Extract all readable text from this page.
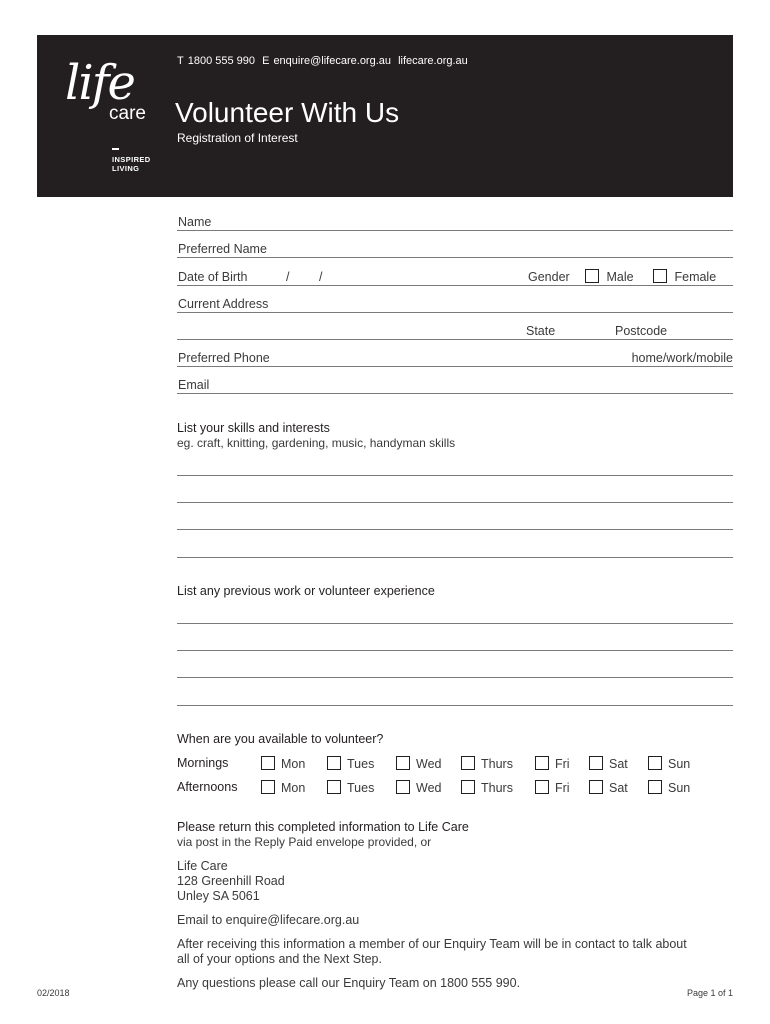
life
care
INSPIRED
LIVING
T 1800 555 990 E enquire@lifecare.org.au lifecare.org.au
Volunteer With Us
Registration of Interest
Name
Preferred Name
Date of Birth	/ /	Gender	Male	Female
Current Address
State	Postcode
Preferred Phone	home/work/mobile
Email
List your skills and interests
eg. craft, knitting, gardening, music, handyman skills
List any previous work or volunteer experience
When are you available to volunteer?
Mornings	Mon	Tues	Wed	Thurs	Fri	Sat	Sun
Afternoons	Mon	Tues	Wed	Thurs	Fri	Sat	Sun
Please return this completed information to Life Care
via post in the Reply Paid envelope provided, or
Life Care
128 Greenhill Road
Unley SA 5061
Email to enquire@lifecare.org.au
After receiving this information a member of our Enquiry Team will be in contact to talk about
all of your options and the Next Step.
Any questions please call our Enquiry Team on 1800 555 990.
02/2018	Page 1 of 1
